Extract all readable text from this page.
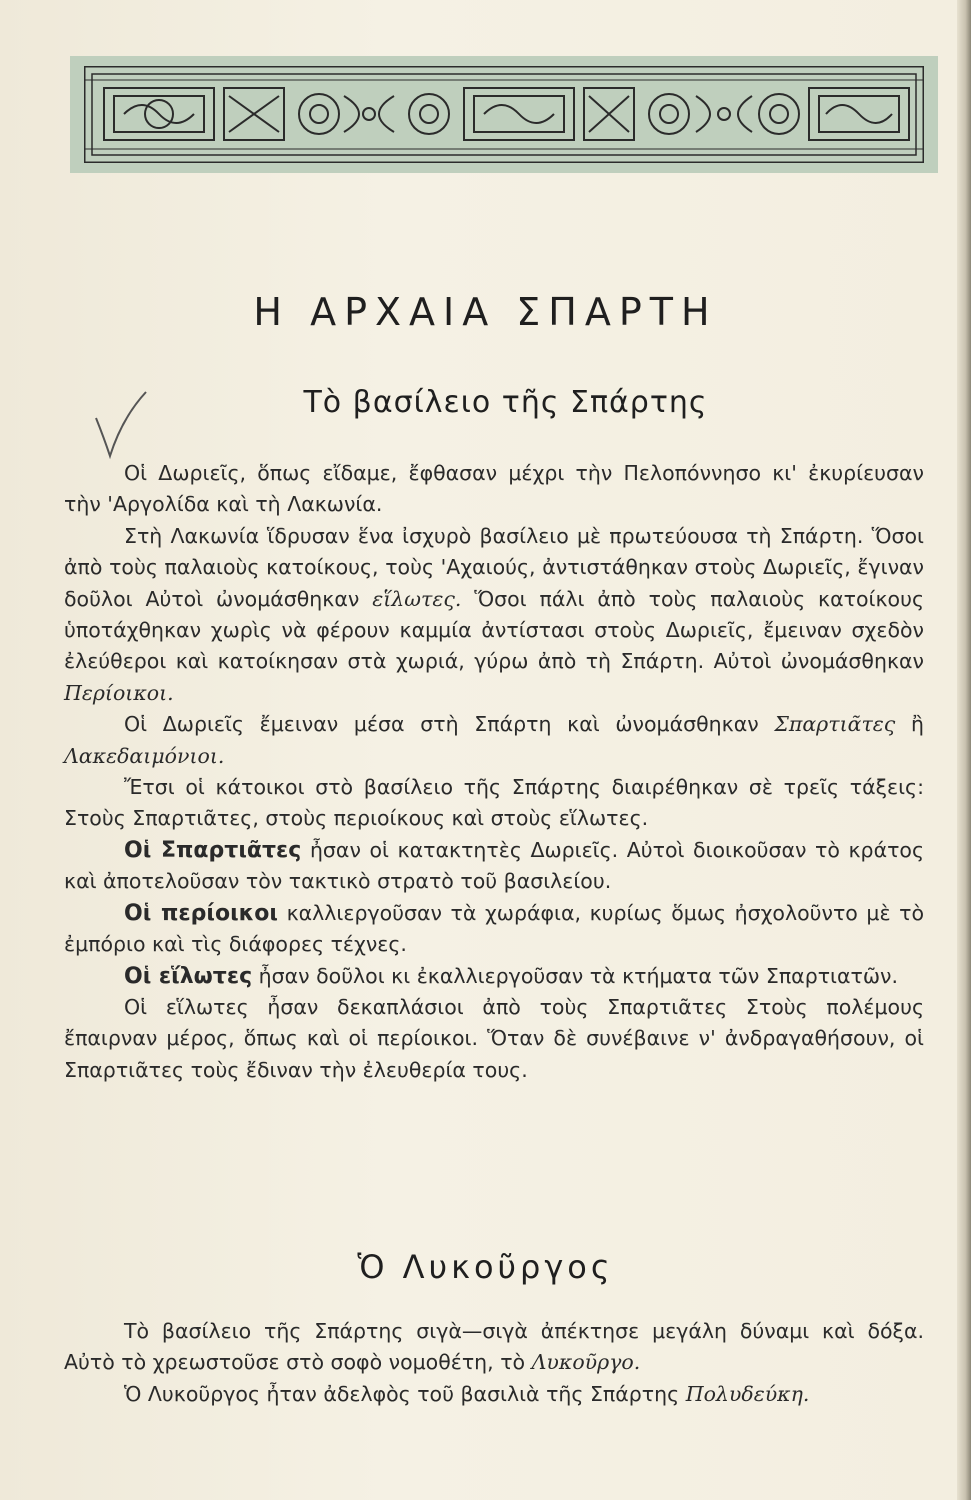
Η ΑΡΧΑΙΑ ΣΠΑΡΤΗ
Τὸ βασίλειο τῆς Σπάρτης

Οἱ Δωριεῖς, ὅπως εἴδαμε, ἔφθασαν μέχρι τὴν Πελοπόννησο κι' ἐκυρίευσαν τὴν 'Αργολίδα καὶ τὴ Λακωνία.

Στὴ Λακωνία ἵδρυσαν ἕνα ἰσχυρὸ βασίλειο μὲ πρωτεύουσα τὴ Σπάρτη. Ὅσοι ἀπὸ τοὺς παλαιοὺς κατοίκους, τοὺς 'Αχαιούς, ἀντιστάθηκαν στοὺς Δωριεῖς, ἔγιναν δοῦλοι Αὐτοὶ ὠνομάσθηκαν εἵλωτες. Ὅσοι πάλι ἀπὸ τοὺς παλαιοὺς κατοίκους ὑποτάχθηκαν χωρὶς νὰ φέρουν καμμία ἀντίστασι στοὺς Δωριεῖς, ἔμειναν σχεδὸν ἐλεύθεροι καὶ κατοίκησαν στὰ χωριά, γύρω ἀπὸ τὴ Σπάρτη. Αὐτοὶ ὠνομάσθηκαν Περίοικοι.

Οἱ Δωριεῖς ἔμειναν μέσα στὴ Σπάρτη καὶ ὠνομάσθηκαν Σπαρτιᾶτες ἢ Λακεδαιμόνιοι.

Ἔτσι οἱ κάτοικοι στὸ βασίλειο τῆς Σπάρτης διαιρέθηκαν σὲ τρεῖς τάξεις: Στοὺς Σπαρτιᾶτες, στοὺς περιοίκους καὶ στοὺς εἵλωτες.

Οἱ Σπαρτιᾶτες ἦσαν οἱ κατακτητὲς Δωριεῖς. Αὐτοὶ διοικοῦσαν τὸ κράτος καὶ ἀποτελοῦσαν τὸν τακτικὸ στρατὸ τοῦ βασιλείου.

Οἱ περίοικοι καλλιεργοῦσαν τὰ χωράφια, κυρίως ὅμως ἠσχολοῦντο μὲ τὸ ἐμπόριο καὶ τὶς διάφορες τέχνες.

Οἱ εἵλωτες ἦσαν δοῦλοι κι ἐκαλλιεργοῦσαν τὰ κτήματα τῶν Σπαρτιατῶν.

Οἱ εἵλωτες ἦσαν δεκαπλάσιοι ἀπὸ τοὺς Σπαρτιᾶτες Στοὺς πολέμους ἔπαιρναν μέρος, ὅπως καὶ οἱ περίοικοι. Ὅταν δὲ συνέβαινε ν' ἀνδραγαθήσουν, οἱ Σπαρτιᾶτες τοὺς ἔδιναν τὴν ἐλευθερία τους.

Ὁ Λυκοῦργος

Τὸ βασίλειο τῆς Σπάρτης σιγὰ—σιγὰ ἀπέκτησε μεγάλη δύναμι καὶ δόξα. Αὐτὸ τὸ χρεωστοῦσε στὸ σοφὸ νομοθέτη, τὸ Λυκοῦργο.

Ὁ Λυκοῦργος ἦταν ἀδελφὸς τοῦ βασιλιὰ τῆς Σπάρτης Πολυδεύκη.
